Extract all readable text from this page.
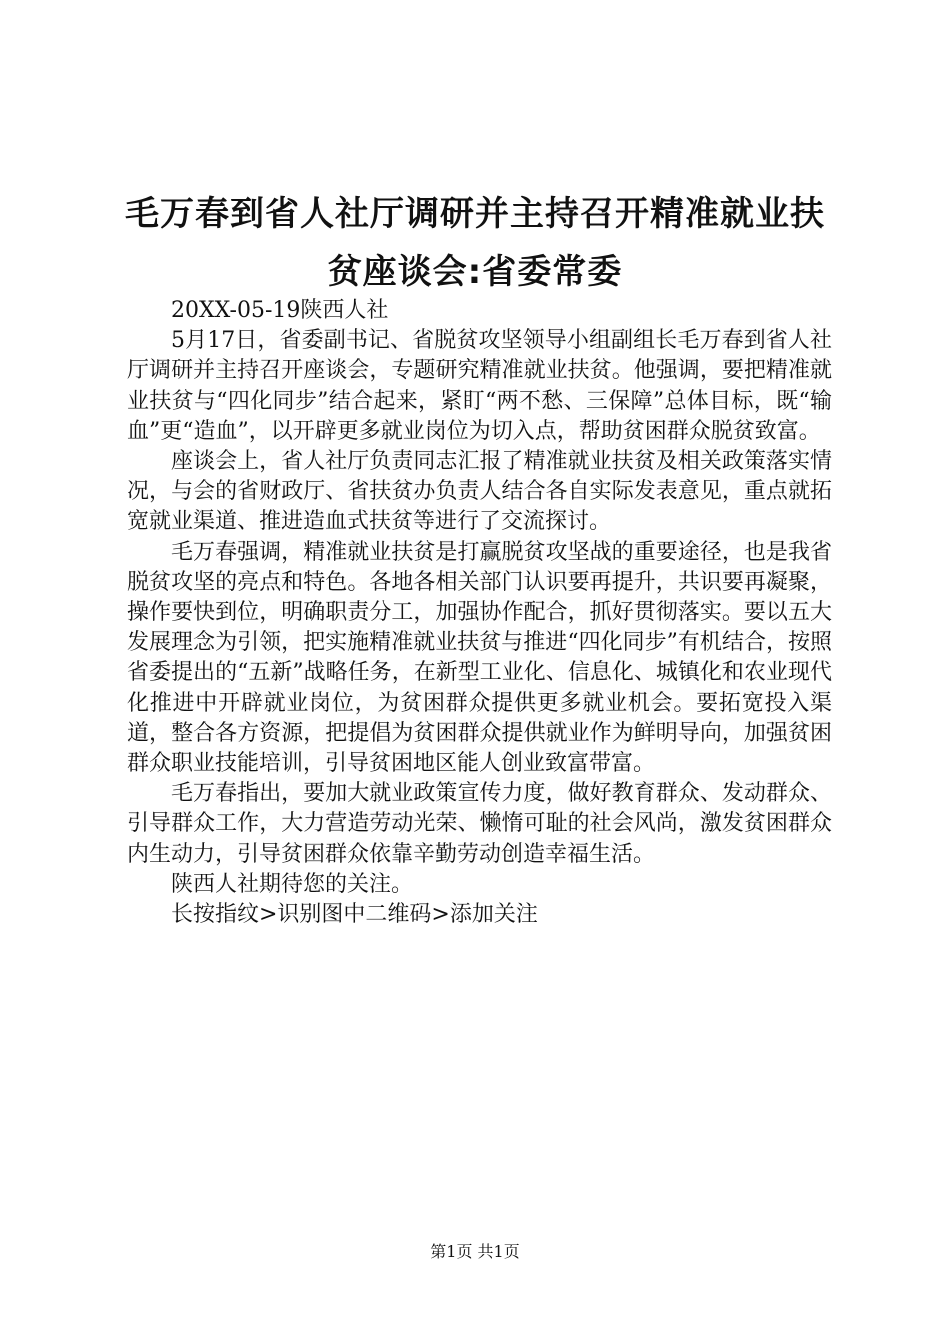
毛万春到省人社厅调研并主持召开精准就业扶
贫座谈会:省委常委

20XX-05-19陕西人社

5月17日，省委副书记、省脱贫攻坚领导小组副组长毛万春到省人社厅调研并主持召开座谈会，专题研究精准就业扶贫。他强调，要把精准就业扶贫与“四化同步”结合起来，紧盯“两不愁、三保障”总体目标，既“输血”更“造血”，以开辟更多就业岗位为切入点，帮助贫困群众脱贫致富。

座谈会上，省人社厅负责同志汇报了精准就业扶贫及相关政策落实情况，与会的省财政厅、省扶贫办负责人结合各自实际发表意见，重点就拓宽就业渠道、推进造血式扶贫等进行了交流探讨。

毛万春强调，精准就业扶贫是打赢脱贫攻坚战的重要途径，也是我省脱贫攻坚的亮点和特色。各地各相关部门认识要再提升，共识要再凝聚，操作要快到位，明确职责分工，加强协作配合，抓好贯彻落实。要以五大发展理念为引领，把实施精准就业扶贫与推进“四化同步”有机结合，按照省委提出的“五新”战略任务，在新型工业化、信息化、城镇化和农业现代化推进中开辟就业岗位，为贫困群众提供更多就业机会。要拓宽投入渠道，整合各方资源，把提倡为贫困群众提供就业作为鲜明导向，加强贫困群众职业技能培训，引导贫困地区能人创业致富带富。

毛万春指出，要加大就业政策宣传力度，做好教育群众、发动群众、引导群众工作，大力营造劳动光荣、懒惰可耻的社会风尚，激发贫困群众内生动力，引导贫困群众依靠辛勤劳动创造幸福生活。

陕西人社期待您的关注。

长按指纹>识别图中二维码>添加关注

第1页 共1页
